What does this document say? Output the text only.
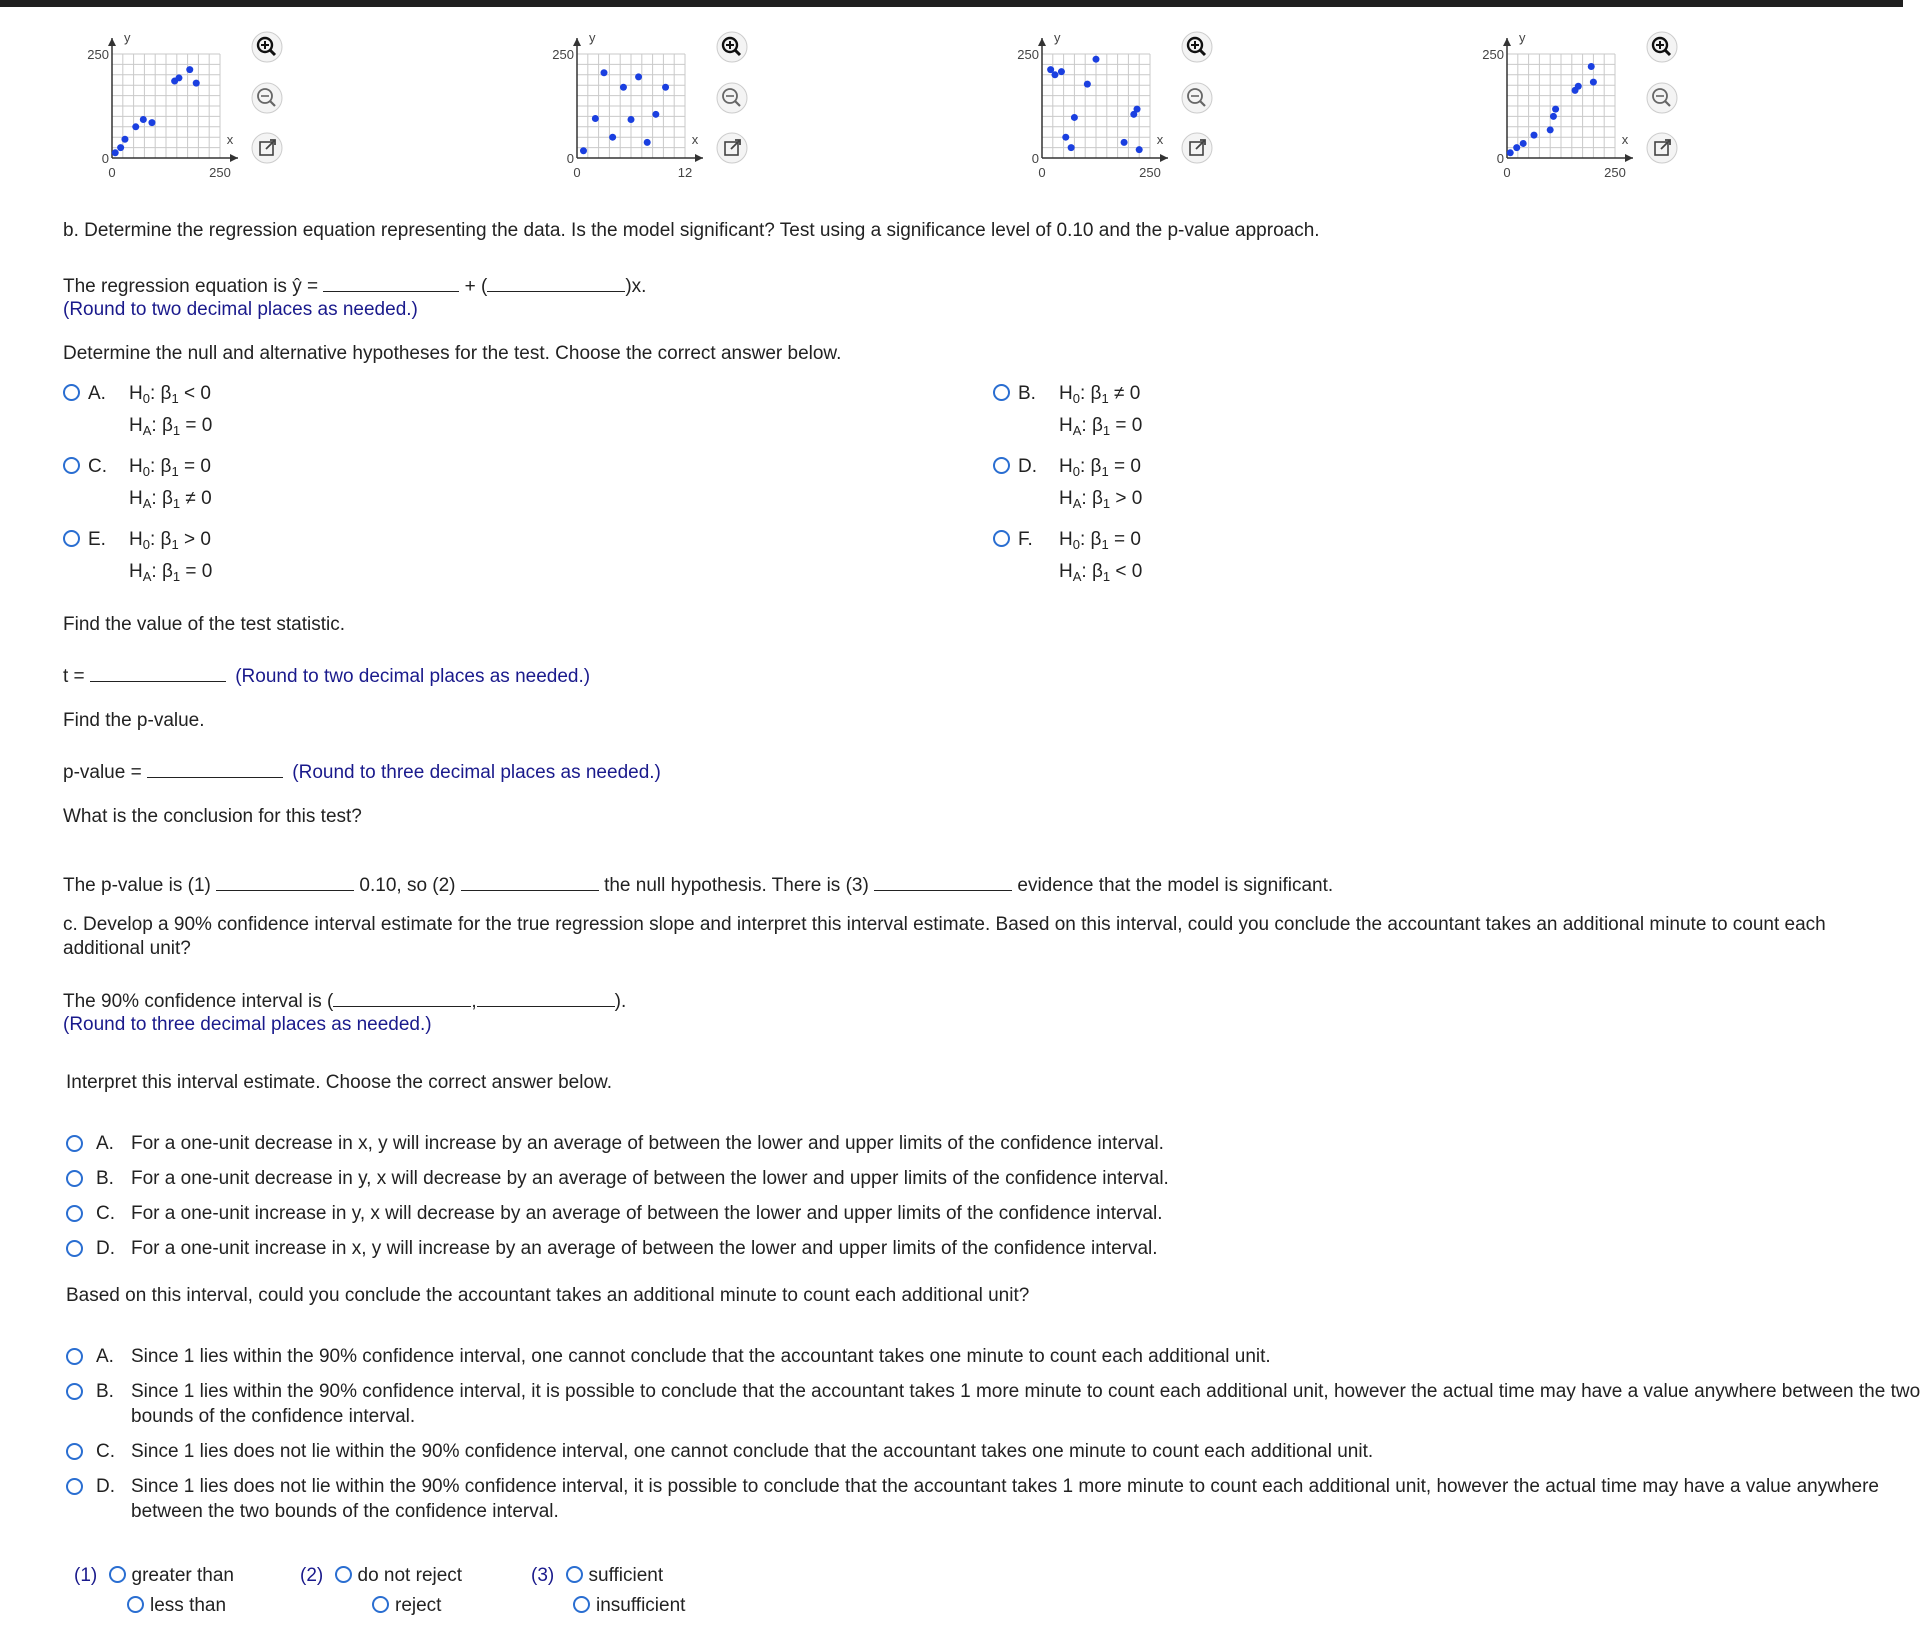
250
0
0	250
y
x
250
0
0	12
y
x
250
0
0	250
y
x
250
0
0	250
y
x
b. Determine the regression equation representing the data. Is the model significant? Test using a significance level of 0.10 and the p-value approach.
The regression equation is ŷ =	+ (	)x.
(Round to two decimal places as needed.)
Determine the null and alternative hypotheses for the test. Choose the correct answer below.
A. $H_0$: $\beta_1 < 0$
$H_A$: $\beta_1 = 0$
B. $H_0$: $\beta_1 \ne 0$
$H_A$: $\beta_1 = 0$
C. $H_0$: $\beta_1 = 0$
$H_A$: $\beta_1 \ne 0$
D. $H_0$: $\beta_1 = 0$
$H_A$: $\beta_1 > 0$
E. $H_0$: $\beta_1 > 0$
$H_A$: $\beta_1 = 0$
F. $H_0$: $\beta_1 = 0$
$H_A$: $\beta_1 < 0$
Find the value of the test statistic.
t =	(Round to two decimal places as needed.)
Find the p-value.
p-value =	(Round to three decimal places as needed.)
What is the conclusion for this test?
The p-value is (1)	0.10, so (2)	the null hypothesis. There is (3)	evidence that the model is significant.
c. Develop a 90% confidence interval estimate for the true regression slope and interpret this interval estimate. Based on this interval, could you conclude the accountant takes an additional minute to count each
additional unit?
The 90% confidence interval is (	,	).
(Round to three decimal places as needed.)
Interpret this interval estimate. Choose the correct answer below.
A. For a one-unit decrease in x, y will increase by an average of between the lower and upper limits of the confidence interval.
B. For a one-unit decrease in y, x will decrease by an average of between the lower and upper limits of the confidence interval.
C. For a one-unit increase in y, x will decrease by an average of between the lower and upper limits of the confidence interval.
D. For a one-unit increase in x, y will increase by an average of between the lower and upper limits of the confidence interval.
Based on this interval, could you conclude the accountant takes an additional minute to count each additional unit?
A. Since 1 lies within the 90% confidence interval, one cannot conclude that the accountant takes one minute to count each additional unit.
B. Since 1 lies within the 90% confidence interval, it is possible to conclude that the accountant takes 1 more minute to count each additional unit, however the actual time may have a value anywhere between the two bounds of the confidence interval.
C. Since 1 lies does not lie within the 90% confidence interval, one cannot conclude that the accountant takes one minute to count each additional unit.
D. Since 1 lies does not lie within the 90% confidence interval, it is possible to conclude that the accountant takes 1 more minute to count each additional unit, however the actual time may have a value anywhere between the two bounds of the confidence interval.
(1) greater than
less than
(2) do not reject
reject
(3) sufficient
insufficient
